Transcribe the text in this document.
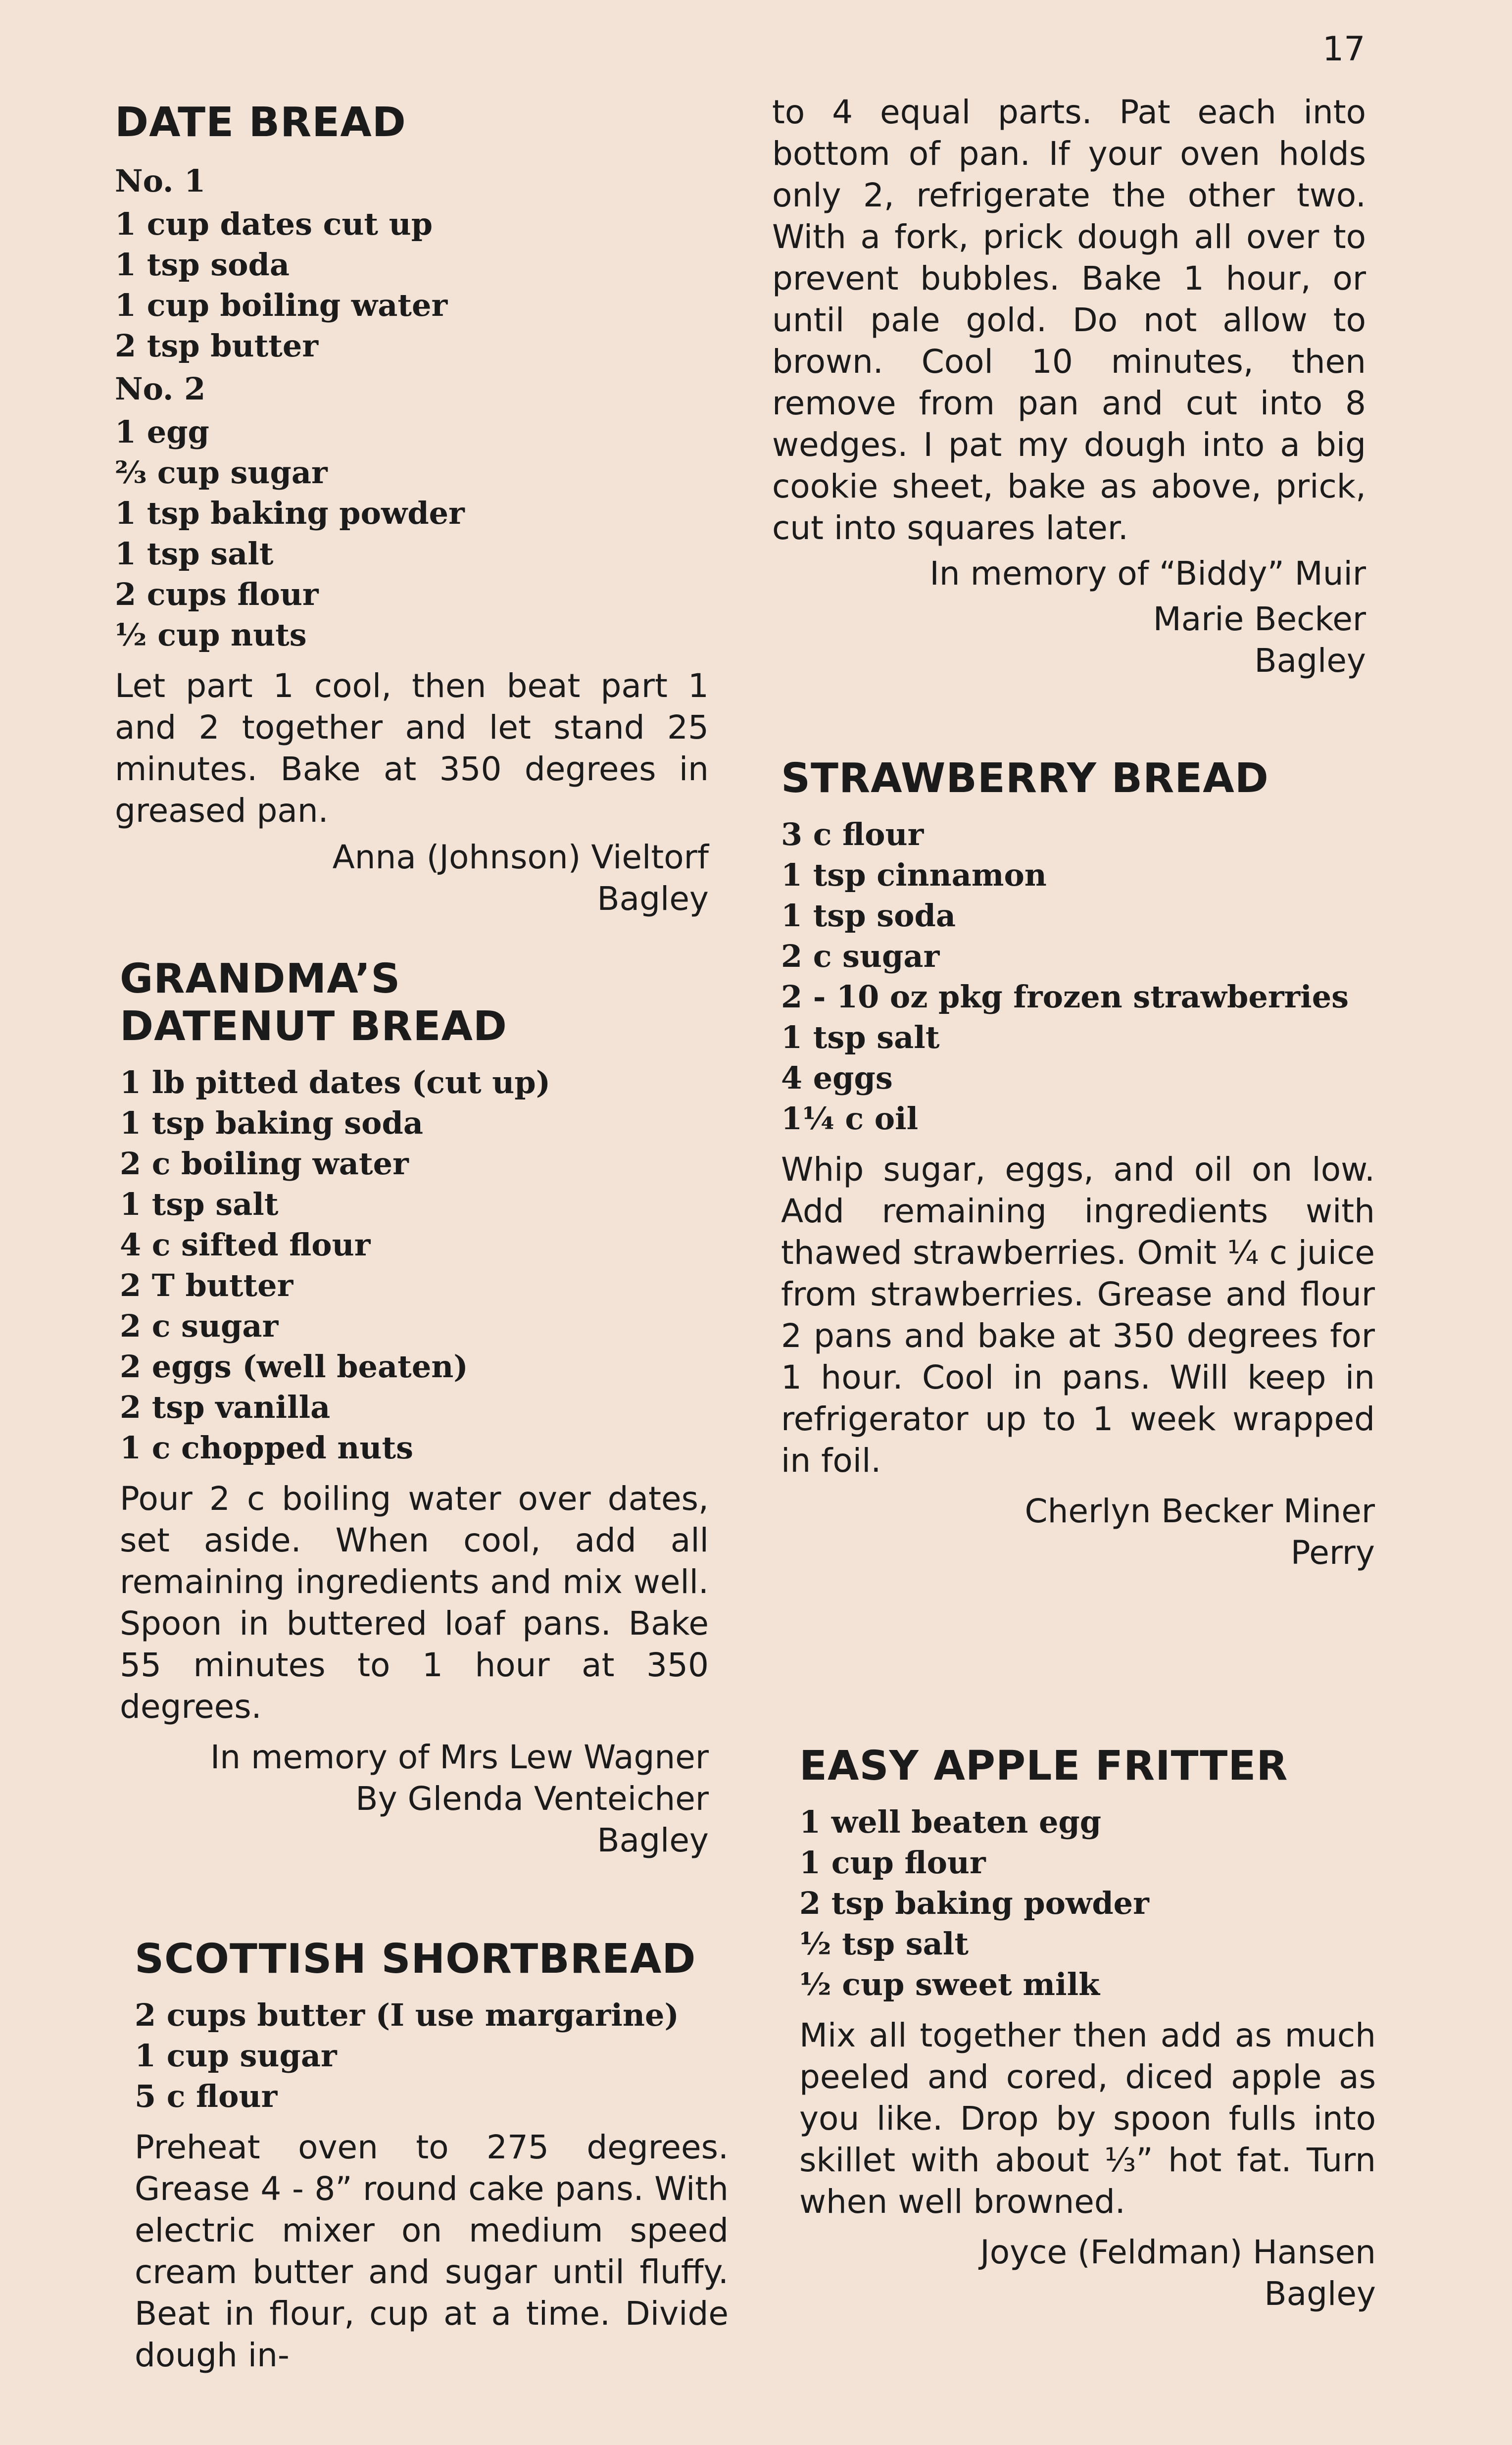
17
DATE BREAD
No. 1
1 cup dates cut up
1 tsp soda
1 cup boiling water
2 tsp butter
No. 2
1 egg
⅔ cup sugar
1 tsp baking powder
1 tsp salt
2 cups flour
½ cup nuts
Let part 1 cool, then beat part 1 and 2 together and let stand 25 minutes. Bake at 350 degrees in greased pan.
Anna (Johnson) Vieltorf
Bagley
GRANDMA’S
DATENUT BREAD
1 lb pitted dates (cut up)
1 tsp baking soda
2 c boiling water
1 tsp salt
4 c sifted flour
2 T butter
2 c sugar
2 eggs (well beaten)
2 tsp vanilla
1 c chopped nuts
Pour 2 c boiling water over dates, set aside. When cool, add all remaining ingredients and mix well. Spoon in buttered loaf pans. Bake 55 minutes to 1 hour at 350 degrees.
In memory of Mrs Lew Wagner
By Glenda Venteicher
Bagley
SCOTTISH SHORTBREAD
2 cups butter (I use margarine)
1 cup sugar
5 c flour
Preheat oven to 275 degrees. Grease 4 - 8” round cake pans. With electric mixer on medium speed cream butter and sugar until fluffy. Beat in flour, cup at a time. Divide dough in-
to 4 equal parts. Pat each into bottom of pan. If your oven holds only 2, refrigerate the other two. With a fork, prick dough all over to prevent bubbles. Bake 1 hour, or until pale gold. Do not allow to brown. Cool 10 minutes, then remove from pan and cut into 8 wedges. I pat my dough into a big cookie sheet, bake as above, prick, cut into squares later.
In memory of “Biddy” Muir
Marie Becker
Bagley
STRAWBERRY BREAD
3 c flour
1 tsp cinnamon
1 tsp soda
2 c sugar
2 - 10 oz pkg frozen strawberries
1 tsp salt
4 eggs
1¼ c oil
Whip sugar, eggs, and oil on low. Add remaining ingredients with thawed strawberries. Omit ¼ c juice from strawberries. Grease and flour 2 pans and bake at 350 degrees for 1 hour. Cool in pans. Will keep in refrigerator up to 1 week wrapped in foil.
Cherlyn Becker Miner
Perry
EASY APPLE FRITTER
1 well beaten egg
1 cup flour
2 tsp baking powder
½ tsp salt
½ cup sweet milk
Mix all together then add as much peeled and cored, diced apple as you like. Drop by spoon fulls into skillet with about ⅓” hot fat. Turn when well browned.
Joyce (Feldman) Hansen
Bagley
